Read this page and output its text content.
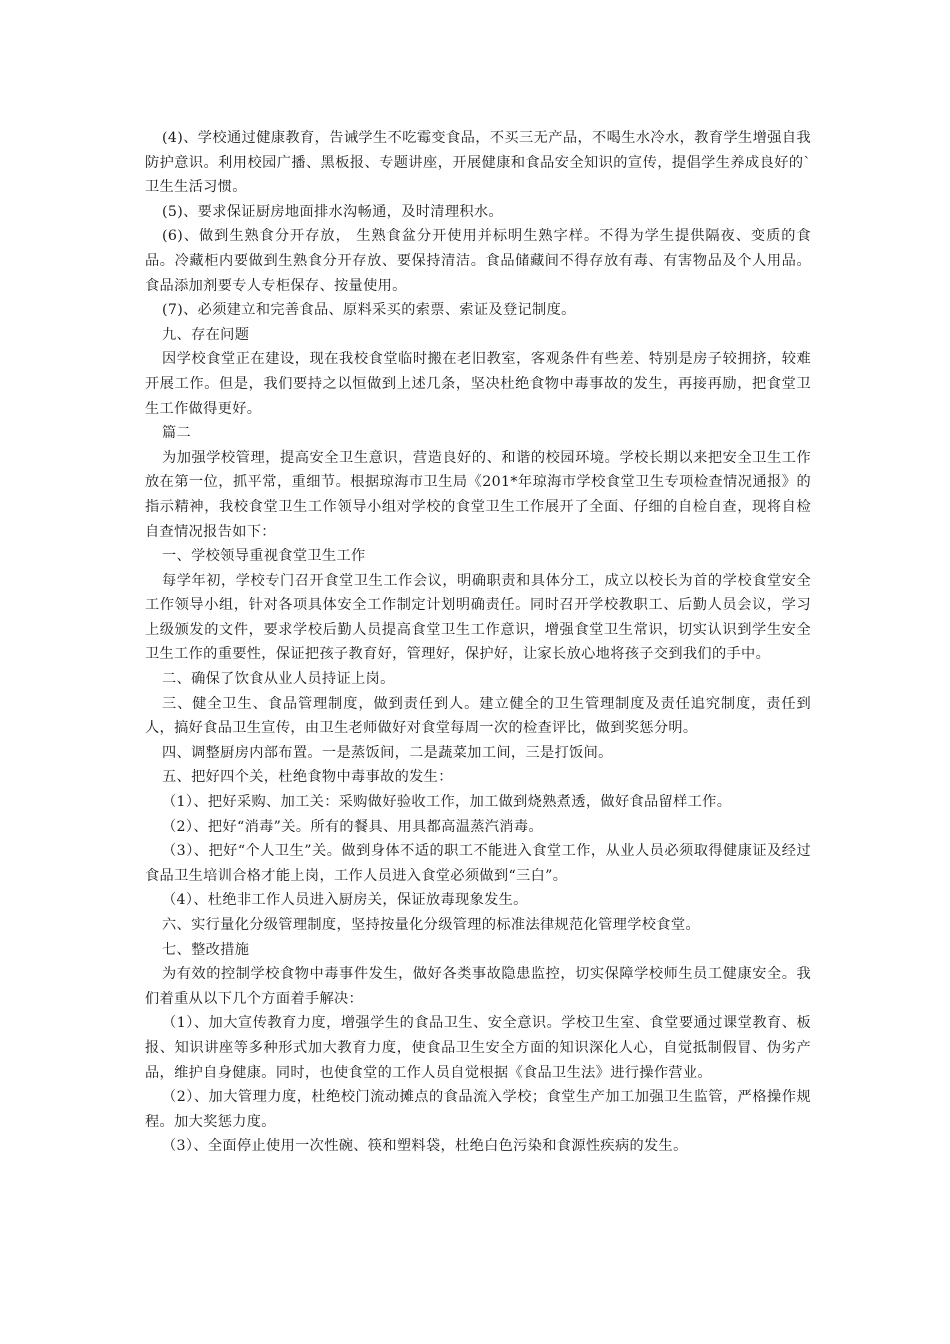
(4)、学校通过健康教育，告诫学生不吃霉变食品，不买三无产品，不喝生水冷水，教育学生增强自我防护意识。利用校园广播、黑板报、专题讲座，开展健康和食品安全知识的宣传，提倡学生养成良好的`卫生生活习惯。

(5)、要求保证厨房地面排水沟畅通，及时清理积水。

(6)、做到生熟食分开存放， 生熟食盆分开使用并标明生熟字样。不得为学生提供隔夜、变质的食品。冷藏柜内要做到生熟食分开存放、要保持清洁。食品储藏间不得存放有毒、有害物品及个人用品。食品添加剂要专人专柜保存、按量使用。

(7)、必须建立和完善食品、原料采买的索票、索证及登记制度。

九、存在问题

因学校食堂正在建设，现在我校食堂临时搬在老旧教室，客观条件有些差、特别是房子较拥挤，较难开展工作。但是，我们要持之以恒做到上述几条，坚决杜绝食物中毒事故的发生，再接再励，把食堂卫生工作做得更好。

篇二

为加强学校管理，提高安全卫生意识，营造良好的、和谐的校园环境。学校长期以来把安全卫生工作放在第一位，抓平常，重细节。根据琼海市卫生局《201*年琼海市学校食堂卫生专项检查情况通报》的指示精神，我校食堂卫生工作领导小组对学校的食堂卫生工作展开了全面、仔细的自检自查，现将自检自查情况报告如下：

一、学校领导重视食堂卫生工作

每学年初，学校专门召开食堂卫生工作会议，明确职责和具体分工，成立以校长为首的学校食堂安全工作领导小组，针对各项具体安全工作制定计划明确责任。同时召开学校教职工、后勤人员会议，学习上级颁发的文件，要求学校后勤人员提高食堂卫生工作意识，增强食堂卫生常识，切实认识到学生安全卫生工作的重要性，保证把孩子教育好，管理好，保护好，让家长放心地将孩子交到我们的手中。

二、确保了饮食从业人员持证上岗。

三、健全卫生、食品管理制度，做到责任到人。建立健全的卫生管理制度及责任追究制度，责任到人，搞好食品卫生宣传，由卫生老师做好对食堂每周一次的检查评比，做到奖惩分明。

四、调整厨房内部布置。一是蒸饭间，二是蔬菜加工间，三是打饭间。

五、把好四个关，杜绝食物中毒事故的发生：

（1）、把好采购、加工关：采购做好验收工作，加工做到烧熟煮透，做好食品留样工作。

（2）、把好“消毒”关。所有的餐具、用具都高温蒸汽消毒。

（3）、把好“个人卫生”关。做到身体不适的职工不能进入食堂工作，从业人员必须取得健康证及经过食品卫生培训合格才能上岗，工作人员进入食堂必须做到“三白”。

（4）、杜绝非工作人员进入厨房关，保证放毒现象发生。

六、实行量化分级管理制度，坚持按量化分级管理的标准法律规范化管理学校食堂。

七、整改措施

为有效的控制学校食物中毒事件发生，做好各类事故隐患监控，切实保障学校师生员工健康安全。我们着重从以下几个方面着手解决：

（1）、加大宣传教育力度，增强学生的食品卫生、安全意识。学校卫生室、食堂要通过课堂教育、板报、知识讲座等多种形式加大教育力度，使食品卫生安全方面的知识深化人心，自觉抵制假冒、伪劣产品，维护自身健康。同时，也使食堂的工作人员自觉根据《食品卫生法》进行操作营业。

（2）、加大管理力度，杜绝校门流动摊点的食品流入学校；食堂生产加工加强卫生监管，严格操作规程。加大奖惩力度。

（3）、全面停止使用一次性碗、筷和塑料袋，杜绝白色污染和食源性疾病的发生。
